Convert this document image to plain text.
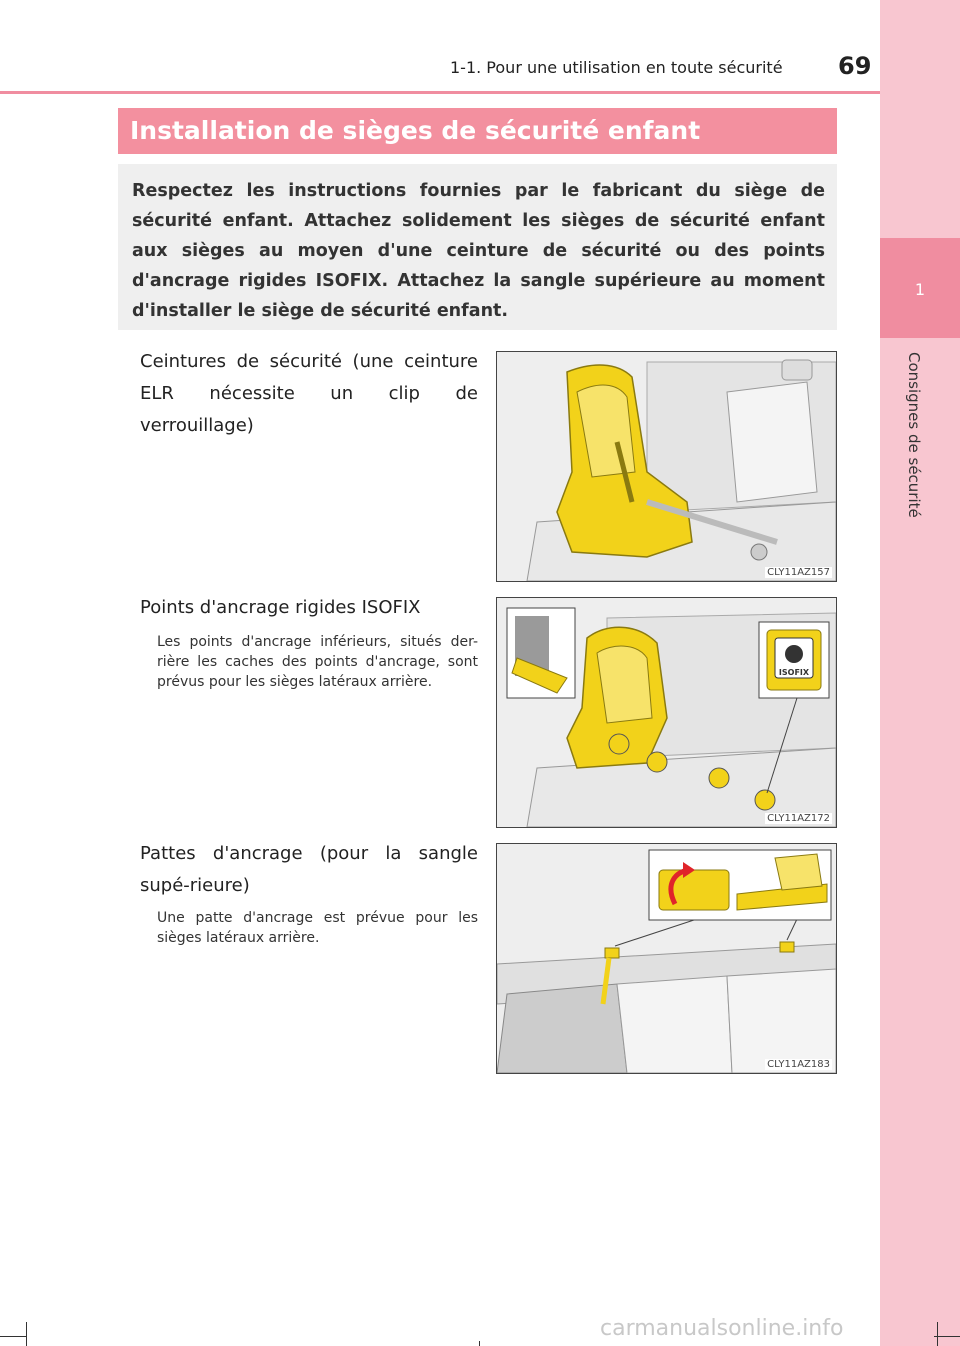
1
Consignes de sécurité
1-1. Pour une utilisation en toute sécurité 69
Installation de sièges de sécurité enfant
Respectez les instructions fournies par le fabricant du siège de sécurité enfant. Attachez solidement les sièges de sécurité enfant aux sièges au moyen d'une ceinture de sécurité ou des points d'ancrage rigides ISOFIX. Attachez la sangle supérieure au moment d'installer le siège de sécurité enfant.
Ceintures de sécurité (une ceinture ELR nécessite un clip de verrouillage)
CLY11AZ157
Points d'ancrage rigides ISOFIX
Les points d'ancrage inférieurs, situés der-rière les caches des points d'ancrage, sont prévus pour les sièges latéraux arrière.
ISOFIX
CLY11AZ172
Pattes d'ancrage (pour la sangle supé-rieure)
Une patte d'ancrage est prévue pour les sièges latéraux arrière.
CLY11AZ183
carmanualsonline.info
